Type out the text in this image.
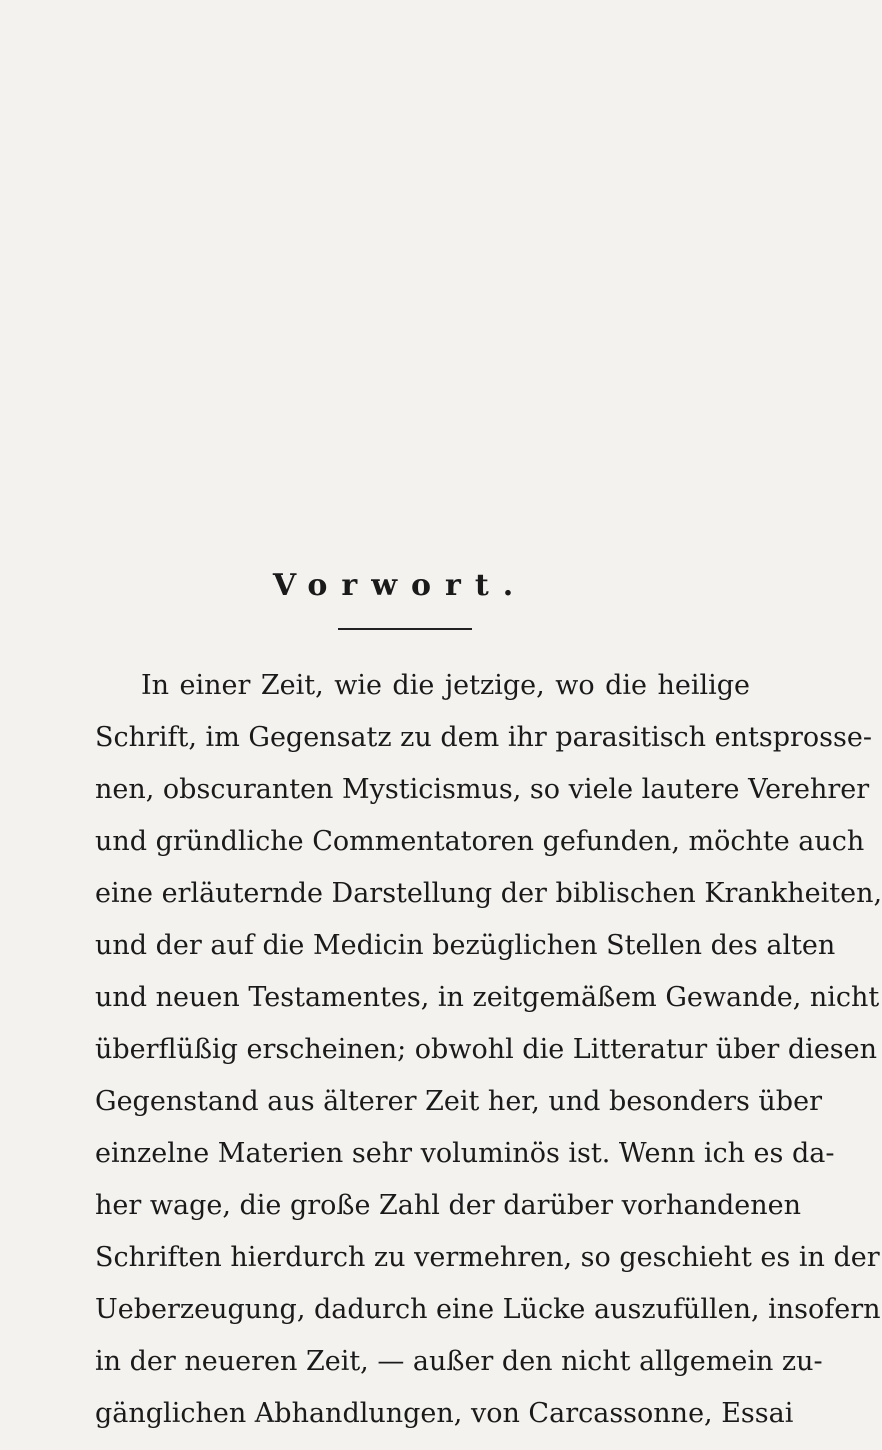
Vorwort.
In einer Zeit, wie die jetzige, wo die heilige
Schrift, im Gegensatz zu dem ihr parasitisch entsprosse-
nen, obscuranten Mysticismus, so viele lautere Verehrer
und gründliche Commentatoren gefunden, möchte auch
eine erläuternde Darstellung der biblischen Krankheiten,
und der auf die Medicin bezüglichen Stellen des alten
und neuen Testamentes, in zeitgemäßem Gewande, nicht
überflüßig erscheinen; obwohl die Litteratur über diesen
Gegenstand aus älterer Zeit her, und besonders über
einzelne Materien sehr voluminös ist. Wenn ich es da-
her wage, die große Zahl der darüber vorhandenen
Schriften hierdurch zu vermehren, so geschieht es in der
Ueberzeugung, dadurch eine Lücke auszufüllen, insofern
in der neueren Zeit, — außer den nicht allgemein zu-
gänglichen Abhandlungen, von Carcassonne, Essai
